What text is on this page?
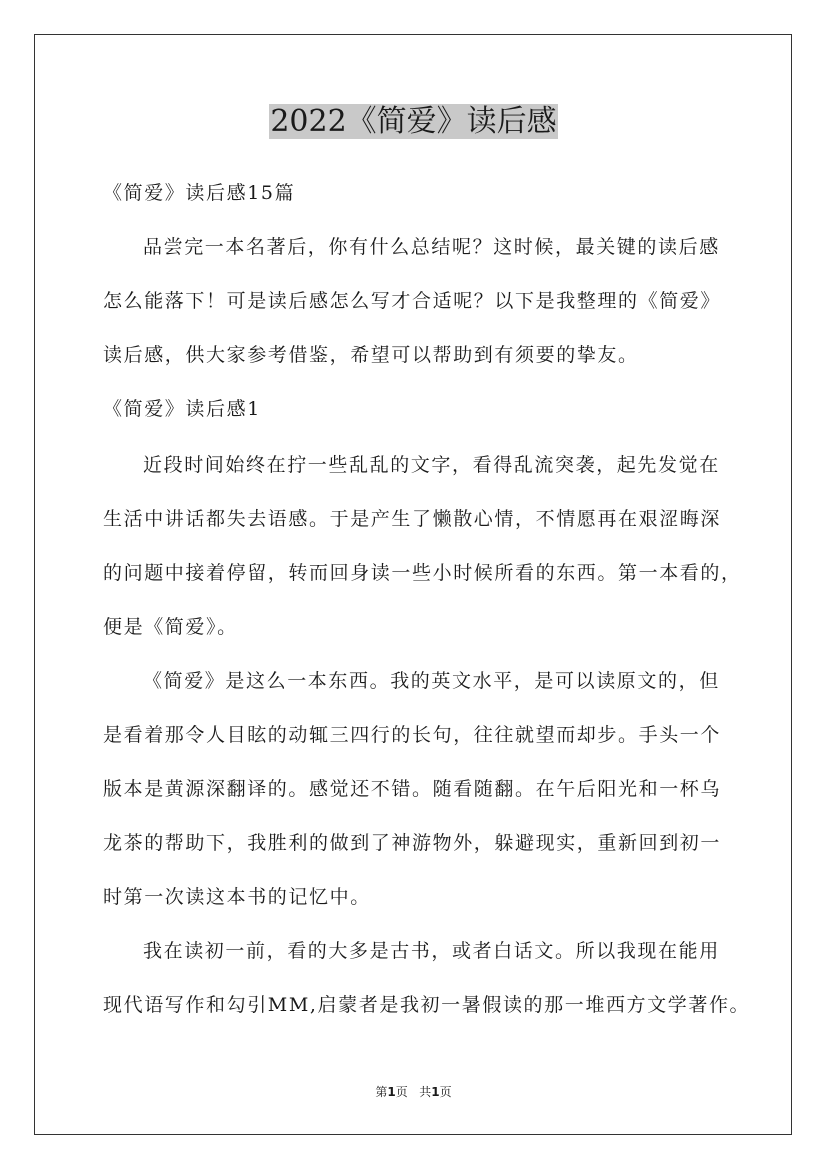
2022《简爱》读后感
《简爱》读后感15篇
品尝完一本名著后，你有什么总结呢？这时候，最关键的读后感
怎么能落下！可是读后感怎么写才合适呢？以下是我整理的《简爱》
读后感，供大家参考借鉴，希望可以帮助到有须要的挚友。
《简爱》读后感1
近段时间始终在拧一些乱乱的文字，看得乱流突袭，起先发觉在
生活中讲话都失去语感。于是产生了懒散心情，不情愿再在艰涩晦深
的问题中接着停留，转而回身读一些小时候所看的东西。第一本看的，
便是《简爱》。
《简爱》是这么一本东西。我的英文水平，是可以读原文的，但
是看着那令人目眩的动辄三四行的长句，往往就望而却步。手头一个
版本是黄源深翻译的。感觉还不错。随看随翻。在午后阳光和一杯乌
龙茶的帮助下，我胜利的做到了神游物外，躲避现实，重新回到初一
时第一次读这本书的记忆中。
我在读初一前，看的大多是古书，或者白话文。所以我现在能用
现代语写作和勾引MM,启蒙者是我初一暑假读的那一堆西方文学著作。
第1页 共1页
